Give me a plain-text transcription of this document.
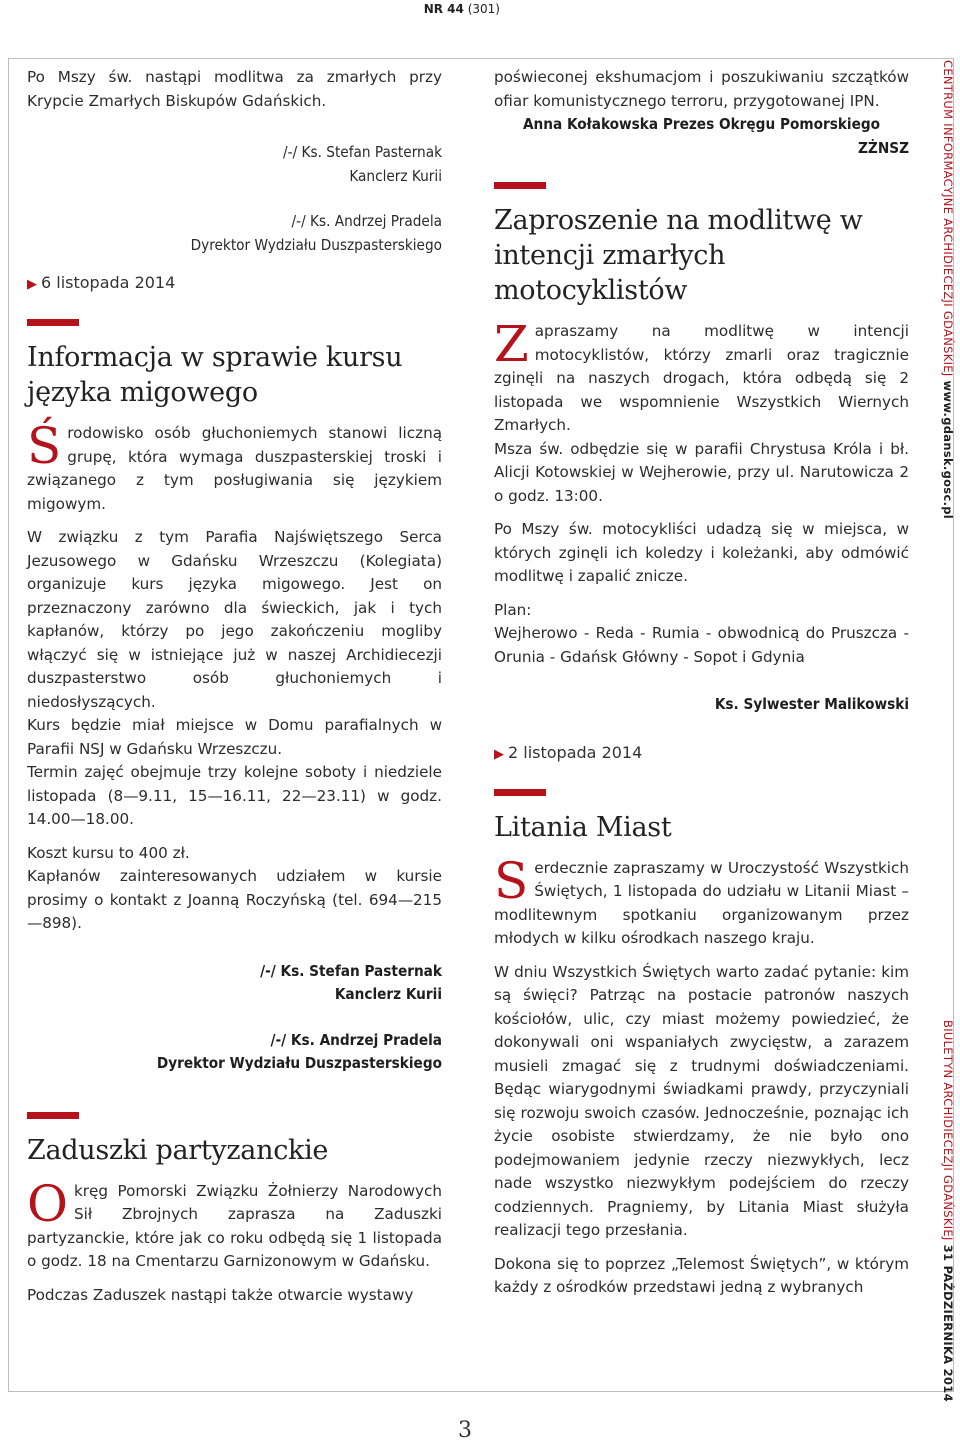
NR 44 (301)

Po Mszy św. nastąpi modlitwa za zmarłych przy Krypcie Zmarłych Biskupów Gdańskich.

/-/ Ks. Stefan Pasternak

Kanclerz Kurii

/-/ Ks. Andrzej Pradela

Dyrektor Wydziału Duszpasterskiego

▶ 6 listopada 2014

Informacja w sprawie kursu języka migowego

Środowisko osób głuchoniemych stanowi liczną grupę, która wymaga duszpasterskiej troski i związanego z tym posługiwania się językiem migowym.

W związku z tym Parafia Najświętszego Serca Jezusowego w Gdańsku Wrzeszczu (Kolegiata) organizuje kurs języka migowego. Jest on przeznaczony zarówno dla świeckich, jak i tych kapłanów, którzy po jego zakończeniu mogliby włączyć się w istniejące już w naszej Archidiecezji duszpasterstwo osób głuchoniemych i niedosłyszących.

Kurs będzie miał miejsce w Domu parafialnych w Parafii NSJ w Gdańsku Wrzeszczu.

Termin zajęć obejmuje trzy kolejne soboty i niedziele listopada (8—9.11, 15—16.11, 22—23.11) w godz. 14.00—18.00.

Koszt kursu to 400 zł.

Kapłanów zainteresowanych udziałem w kursie prosimy o kontakt z Joanną Roczyńską (tel. 694—215—898).

/-/ Ks. Stefan Pasternak

Kanclerz Kurii

/-/ Ks. Andrzej Pradela

Dyrektor Wydziału Duszpasterskiego

Zaduszki partyzanckie

Okręg Pomorski Związku Żołnierzy Narodowych Sił Zbrojnych zaprasza na Zaduszki partyzanckie, które jak co roku odbędą się 1 listopada o godz. 18 na Cmentarzu Garnizonowym w Gdańsku.

Podczas Zaduszek nastąpi także otwarcie wystawy

poświeconej ekshumacjom i poszukiwaniu szczątków ofiar komunistycznego terroru, przygotowanej IPN.

Anna Kołakowska Prezes Okręgu Pomorskiego

ZŻNSZ

Zaproszenie na modlitwę w intencji zmarłych motocyklistów

Zapraszamy na modlitwę w intencji motocyklistów, którzy zmarli oraz tragicznie zginęli na naszych drogach, która odbędą się 2 listopada we wspomnienie Wszystkich Wiernych Zmarłych.

Msza św. odbędzie się w parafii Chrystusa Króla i bł. Alicji Kotowskiej w Wejherowie, przy ul. Narutowicza 2 o godz. 13:00.

Po Mszy św. motocykliści udadzą się w miejsca, w których zginęli ich koledzy i koleżanki, aby odmówić modlitwę i zapalić znicze.

Plan:

Wejherowo - Reda - Rumia - obwodnicą do Pruszcza - Orunia - Gdańsk Główny - Sopot i Gdynia

Ks. Sylwester Malikowski

▶ 2 listopada 2014

Litania Miast

Serdecznie zapraszamy w Uroczystość Wszystkich Świętych, 1 listopada do udziału w Litanii Miast – modlitewnym spotkaniu organizowanym przez młodych w kilku ośrodkach naszego kraju.

W dniu Wszystkich Świętych warto zadać pytanie: kim są święci? Patrząc na postacie patronów naszych kościołów, ulic, czy miast możemy powiedzieć, że dokonywali oni wspaniałych zwycięstw, a zarazem musieli zmagać się z trudnymi doświadczeniami. Będąc wiarygodnymi świadkami prawdy, przyczyniali się rozwoju swoich czasów. Jednocześnie, poznając ich życie osobiste stwierdzamy, że nie było ono podejmowaniem jedynie rzeczy niezwykłych, lecz nade wszystko niezwykłym podejściem do rzeczy codziennych. Pragniemy, by Litania Miast służyła realizacji tego przesłania.

Dokona się to poprzez „Telemost Świętych”, w którym każdy z ośrodków przedstawi jedną z wybranych

CENTRUM INFORMACYJNE ARCHIDIECEZJI GDAŃSKIEJ www.gdansk.gosc.pl
BIULETYN ARCHIDIECEZJI GDAŃSKIEJ 31 PAŹDZIERNIKA 2014
3
